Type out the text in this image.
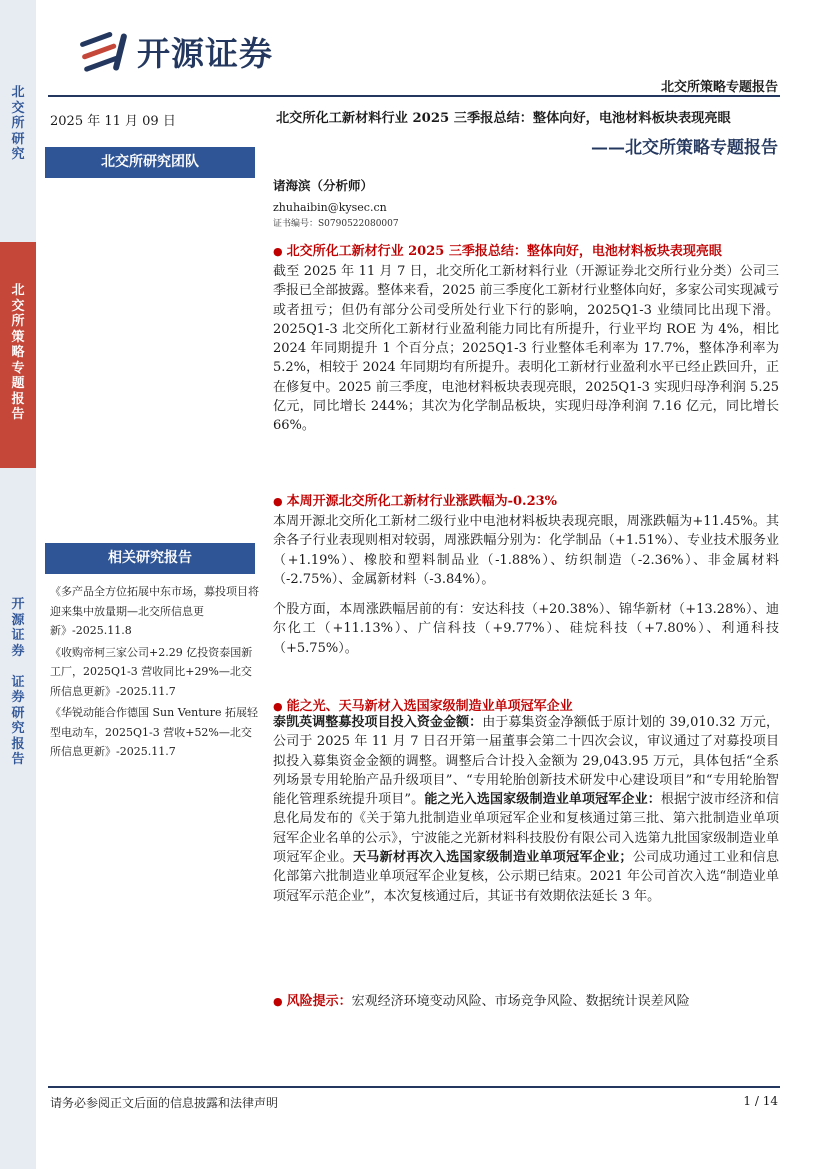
北
交
所
研
究
北
交
所
策
略
专
题
报
告
开
源
证
券

证
券
研
究
报
告
开源证券
北交所策略专题报告
2025 年 11 月 09 日	北交所化工新材料行业 2025 三季报总结：整体向好，电池材料板块表现亮眼
——北交所策略专题报告
北交所研究团队
诸海滨（分析师）
zhuhaibin@kysec.cn
证书编号：S0790522080007
相关研究报告
《多产品全方位拓展中东市场，募投项目将迎来集中放量期—北交所信息更新》-2025.11.8
《收购帝柯三家公司+2.29 亿投资泰国新工厂，2025Q1-3 营收同比+29%—北交所信息更新》-2025.11.7
《华锐动能合作德国 Sun Venture 拓展轻型电动车，2025Q1-3 营收+52%—北交所信息更新》-2025.11.7
● 北交所化工新材行业 2025 三季报总结：整体向好，电池材料板块表现亮眼
截至 2025 年 11 月 7 日，北交所化工新材料行业（开源证券北交所行业分类）公司三季报已全部披露。整体来看，2025 前三季度化工新材行业整体向好，多家公司实现减亏或者扭亏；但仍有部分公司受所处行业下行的影响，2025Q1-3 业绩同比出现下滑。2025Q1-3 北交所化工新材行业盈利能力同比有所提升，行业平均 ROE 为 4%，相比 2024 年同期提升 1 个百分点；2025Q1-3 行业整体毛利率为 17.7%，整体净利率为 5.2%，相较于 2024 年同期均有所提升。表明化工新材行业盈利水平已经止跌回升，正在修复中。2025 前三季度，电池材料板块表现亮眼，2025Q1-3 实现归母净利润 5.25 亿元，同比增长 244%；其次为化学制品板块，实现归母净利润 7.16 亿元，同比增长 66%。
● 本周开源北交所化工新材行业涨跌幅为-0.23%
本周开源北交所化工新材二级行业中电池材料板块表现亮眼，周涨跌幅为+11.45%。其余各子行业表现则相对较弱，周涨跌幅分别为：化学制品（+1.51%）、专业技术服务业（+1.19%）、橡胶和塑料制品业（-1.88%）、纺织制造（-2.36%）、非金属材料（-2.75%）、金属新材料（-3.84%）。
个股方面，本周涨跌幅居前的有：安达科技（+20.38%）、锦华新材（+13.28%）、迪尔化工（+11.13%）、广信科技（+9.77%）、硅烷科技（+7.80%）、利通科技（+5.75%）。
● 能之光、天马新材入选国家级制造业单项冠军企业
泰凯英调整募投项目投入资金金额：由于募集资金净额低于原计划的 39,010.32 万元，公司于 2025 年 11 月 7 日召开第一届董事会第二十四次会议，审议通过了对募投项目拟投入募集资金金额的调整。调整后合计投入金额为 29,043.95 万元，具体包括“全系列场景专用轮胎产品升级项目”、“专用轮胎创新技术研发中心建设项目”和“专用轮胎智能化管理系统提升项目”。能之光入选国家级制造业单项冠军企业：根据宁波市经济和信息化局发布的《关于第九批制造业单项冠军企业和复核通过第三批、第六批制造业单项冠军企业名单的公示》，宁波能之光新材料科技股份有限公司入选第九批国家级制造业单项冠军企业。天马新材再次入选国家级制造业单项冠军企业；公司成功通过工业和信息化部第六批制造业单项冠军企业复核，公示期已结束。2021 年公司首次入选“制造业单项冠军示范企业”，本次复核通过后，其证书有效期依法延长 3 年。
● 风险提示：宏观经济环境变动风险、市场竞争风险、数据统计误差风险
请务必参阅正文后面的信息披露和法律声明	1 / 14
